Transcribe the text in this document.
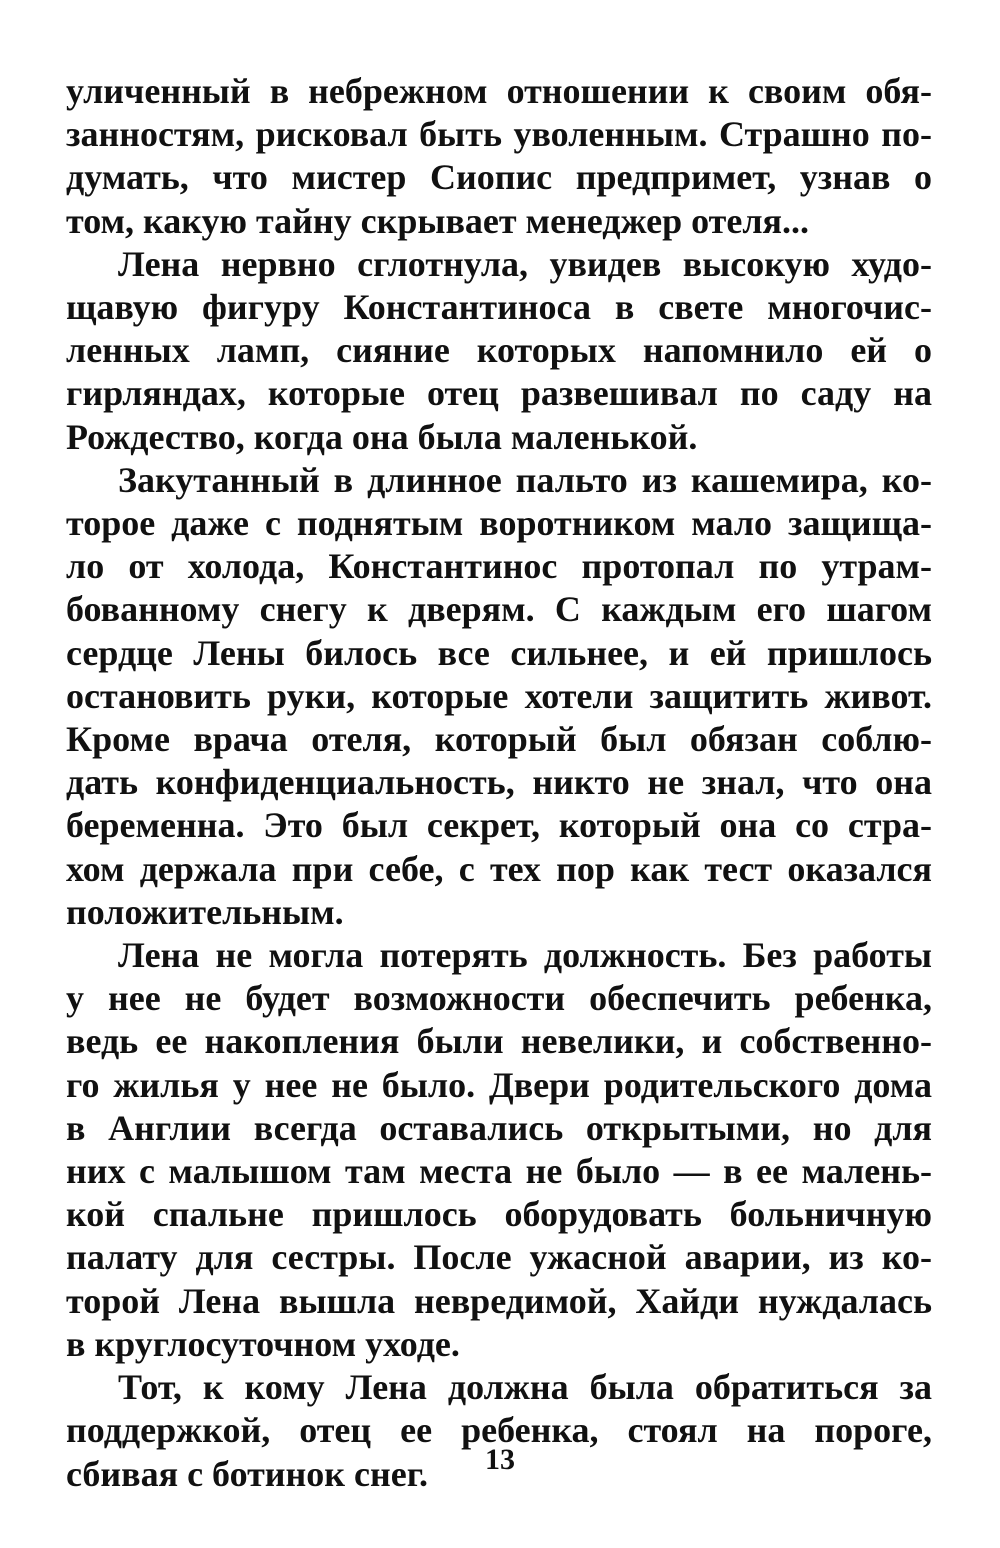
уличенный в небрежном отношении к своим обя-
занностям, рисковал быть уволенным. Страшно по-
думать, что мистер Сиопис предпримет, узнав о
том, какую тайну скрывает менеджер отеля...
Лена нервно сглотнула, увидев высокую худо-
щавую фигуру Константиноса в свете многочис-
ленных ламп, сияние которых напомнило ей о
гирляндах, которые отец развешивал по саду на
Рождество, когда она была маленькой.
Закутанный в длинное пальто из кашемира, ко-
торое даже с поднятым воротником мало защища-
ло от холода, Константинос протопал по утрам-
бованному снегу к дверям. С каждым его шагом
сердце Лены билось все сильнее, и ей пришлось
остановить руки, которые хотели защитить живот.
Кроме врача отеля, который был обязан соблю-
дать конфиденциальность, никто не знал, что она
беременна. Это был секрет, который она со стра-
хом держала при себе, с тех пор как тест оказался
положительным.
Лена не могла потерять должность. Без работы
у нее не будет возможности обеспечить ребенка,
ведь ее накопления были невелики, и собственно-
го жилья у нее не было. Двери родительского дома
в Англии всегда оставались открытыми, но для
них с малышом там места не было — в ее малень-
кой спальне пришлось оборудовать больничную
палату для сестры. После ужасной аварии, из ко-
торой Лена вышла невредимой, Хайди нуждалась
в круглосуточном уходе.
Тот, к кому Лена должна была обратиться за
поддержкой, отец ее ребенка, стоял на пороге,
сбивая с ботинок снег.	13
